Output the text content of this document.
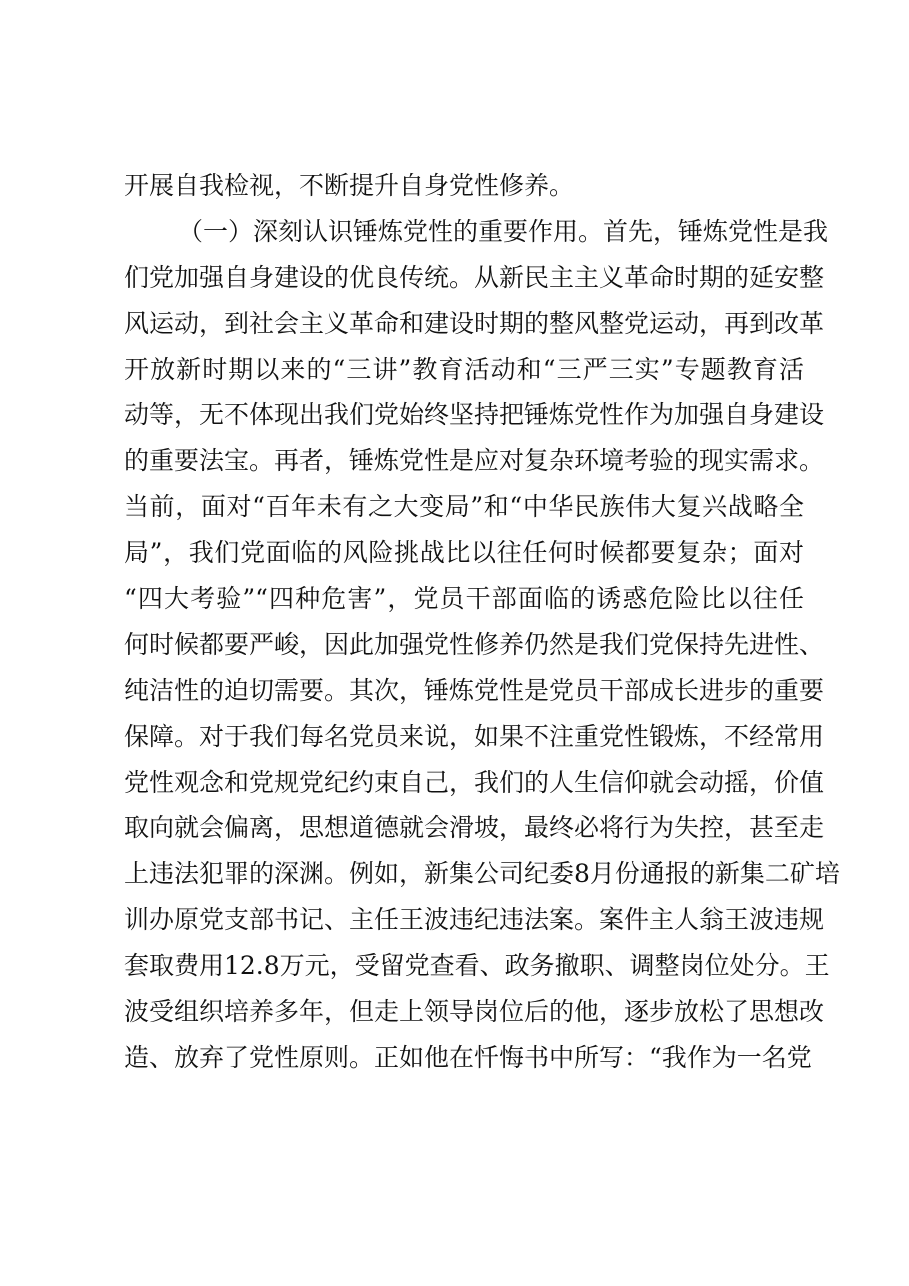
开展自我检视，不断提升自身党性修养。
（一）深刻认识锤炼党性的重要作用。首先，锤炼党性是我
们党加强自身建设的优良传统。从新民主主义革命时期的延安整
风运动，到社会主义革命和建设时期的整风整党运动，再到改革
开放新时期以来的“三讲”教育活动和“三严三实”专题教育活
动等，无不体现出我们党始终坚持把锤炼党性作为加强自身建设
的重要法宝。再者，锤炼党性是应对复杂环境考验的现实需求。
当前，面对“百年未有之大变局”和“中华民族伟大复兴战略全
局”，我们党面临的风险挑战比以往任何时候都要复杂；面对
“四大考验”“四种危害”，党员干部面临的诱惑危险比以往任
何时候都要严峻，因此加强党性修养仍然是我们党保持先进性、
纯洁性的迫切需要。其次，锤炼党性是党员干部成长进步的重要
保障。对于我们每名党员来说，如果不注重党性锻炼，不经常用
党性观念和党规党纪约束自己，我们的人生信仰就会动摇，价值
取向就会偏离，思想道德就会滑坡，最终必将行为失控，甚至走
上违法犯罪的深渊。例如，新集公司纪委8月份通报的新集二矿培
训办原党支部书记、主任王波违纪违法案。案件主人翁王波违规
套取费用12.8万元，受留党查看、政务撤职、调整岗位处分。王
波受组织培养多年，但走上领导岗位后的他，逐步放松了思想改
造、放弃了党性原则。正如他在忏悔书中所写：“我作为一名党
